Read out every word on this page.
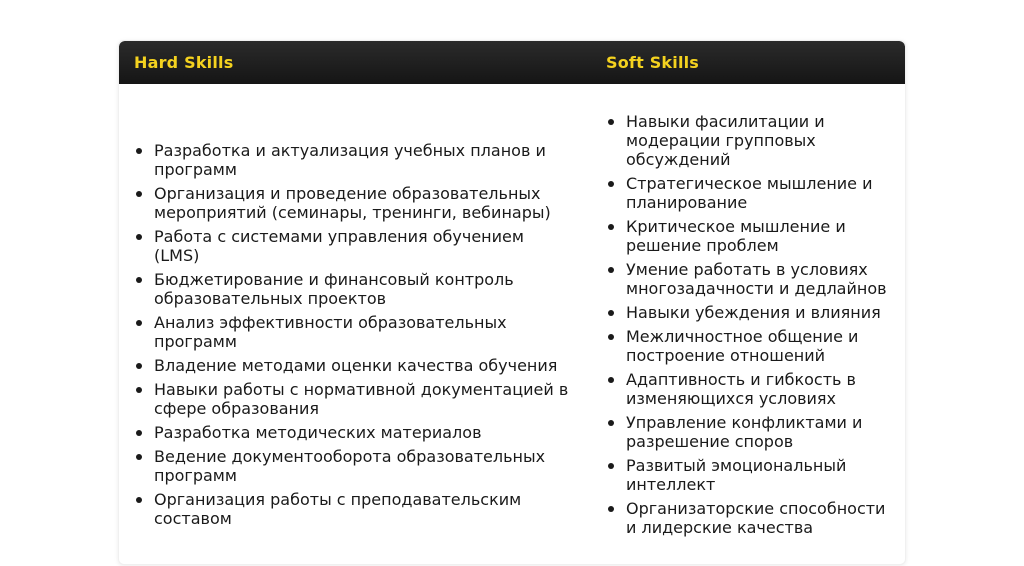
Hard Skills	Soft Skills
Разработка и актуализация учебных планов и программ
Организация и проведение образовательных мероприятий (семинары, тренинги, вебинары)
Работа с системами управления обучением (LMS)
Бюджетирование и финансовый контроль образовательных проектов
Анализ эффективности образовательных программ
Владение методами оценки качества обучения
Навыки работы с нормативной документацией в сфере образования
Разработка методических материалов
Ведение документооборота образовательных программ
Организация работы с преподавательским составом
Навыки фасилитации и модерации групповых обсуждений
Стратегическое мышление и планирование
Критическое мышление и решение проблем
Умение работать в условиях многозадачности и дедлайнов
Навыки убеждения и влияния
Межличностное общение и построение отношений
Адаптивность и гибкость в изменяющихся условиях
Управление конфликтами и разрешение споров
Развитый эмоциональный интеллект
Организаторские способности и лидерские качества
